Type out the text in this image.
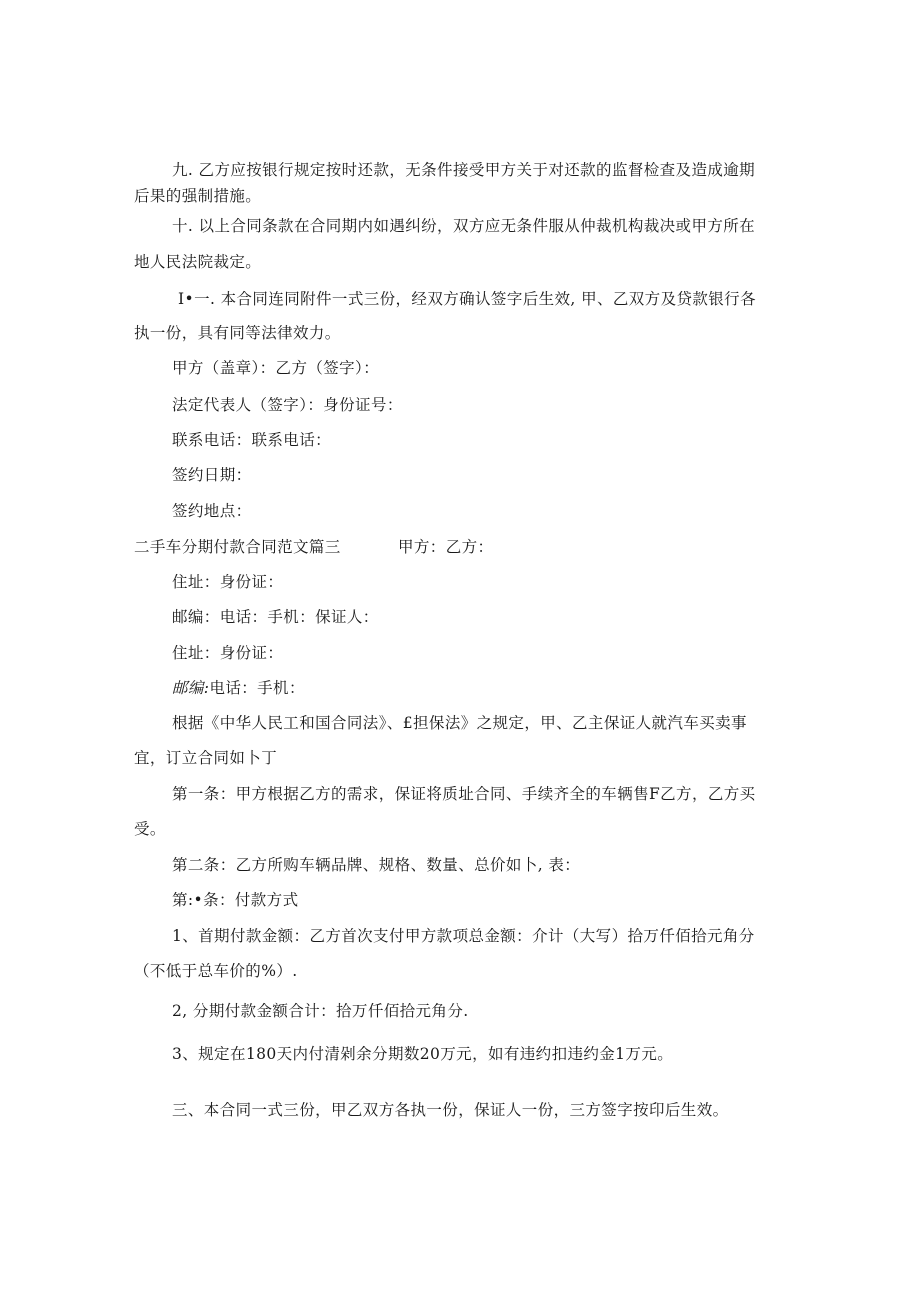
九. 乙方应按银行规定按时还款，无条件接受甲方关于对还款的监督检查及造成逾期
后果的强制措施。
十. 以上合同条款在合同期内如遇纠纷，双方应无条件服从仲裁机构裁决或甲方所在
地人民法院裁定。
I•一. 本合同连同附件一式三份，经双方确认签字后生效, 甲、乙双方及贷款银行各
执一份，具有同等法律效力。
甲方（盖章）：乙方（签字）：
法定代表人（签字）：身份证号：
联系电话：联系电话：
签约日期：
签约地点：
二手车分期付款合同范文篇三	甲方：乙方：
住址：身份证：
邮编：电话：手机：保证人：
住址：身份证：
邮编:电话：手机：
根据《中华人民工和国合同法》、£担保法》之规定，甲、乙主保证人就汽车买卖事
宜，订立合同如卜丁
第一条：甲方根据乙方的需求，保证将质址合同、手续齐全的车辆售F乙方，乙方买
受。
第二条：乙方所购车辆品牌、规格、数量、总价如卜, 表：
第:•条：付款方式
1、首期付款金额：乙方首次支付甲方款项总金额：介计（大写）拾万仟佰拾元角分
（不低于总车价的%）.
2, 分期付款金额合计：拾万仟佰拾元角分.
3、规定在180天内付清剁余分期数20万元，如有违约扣违约金1万元。
三、本合同一式三份，甲乙双方各执一份，保证人一份，三方签字按印后生效。
